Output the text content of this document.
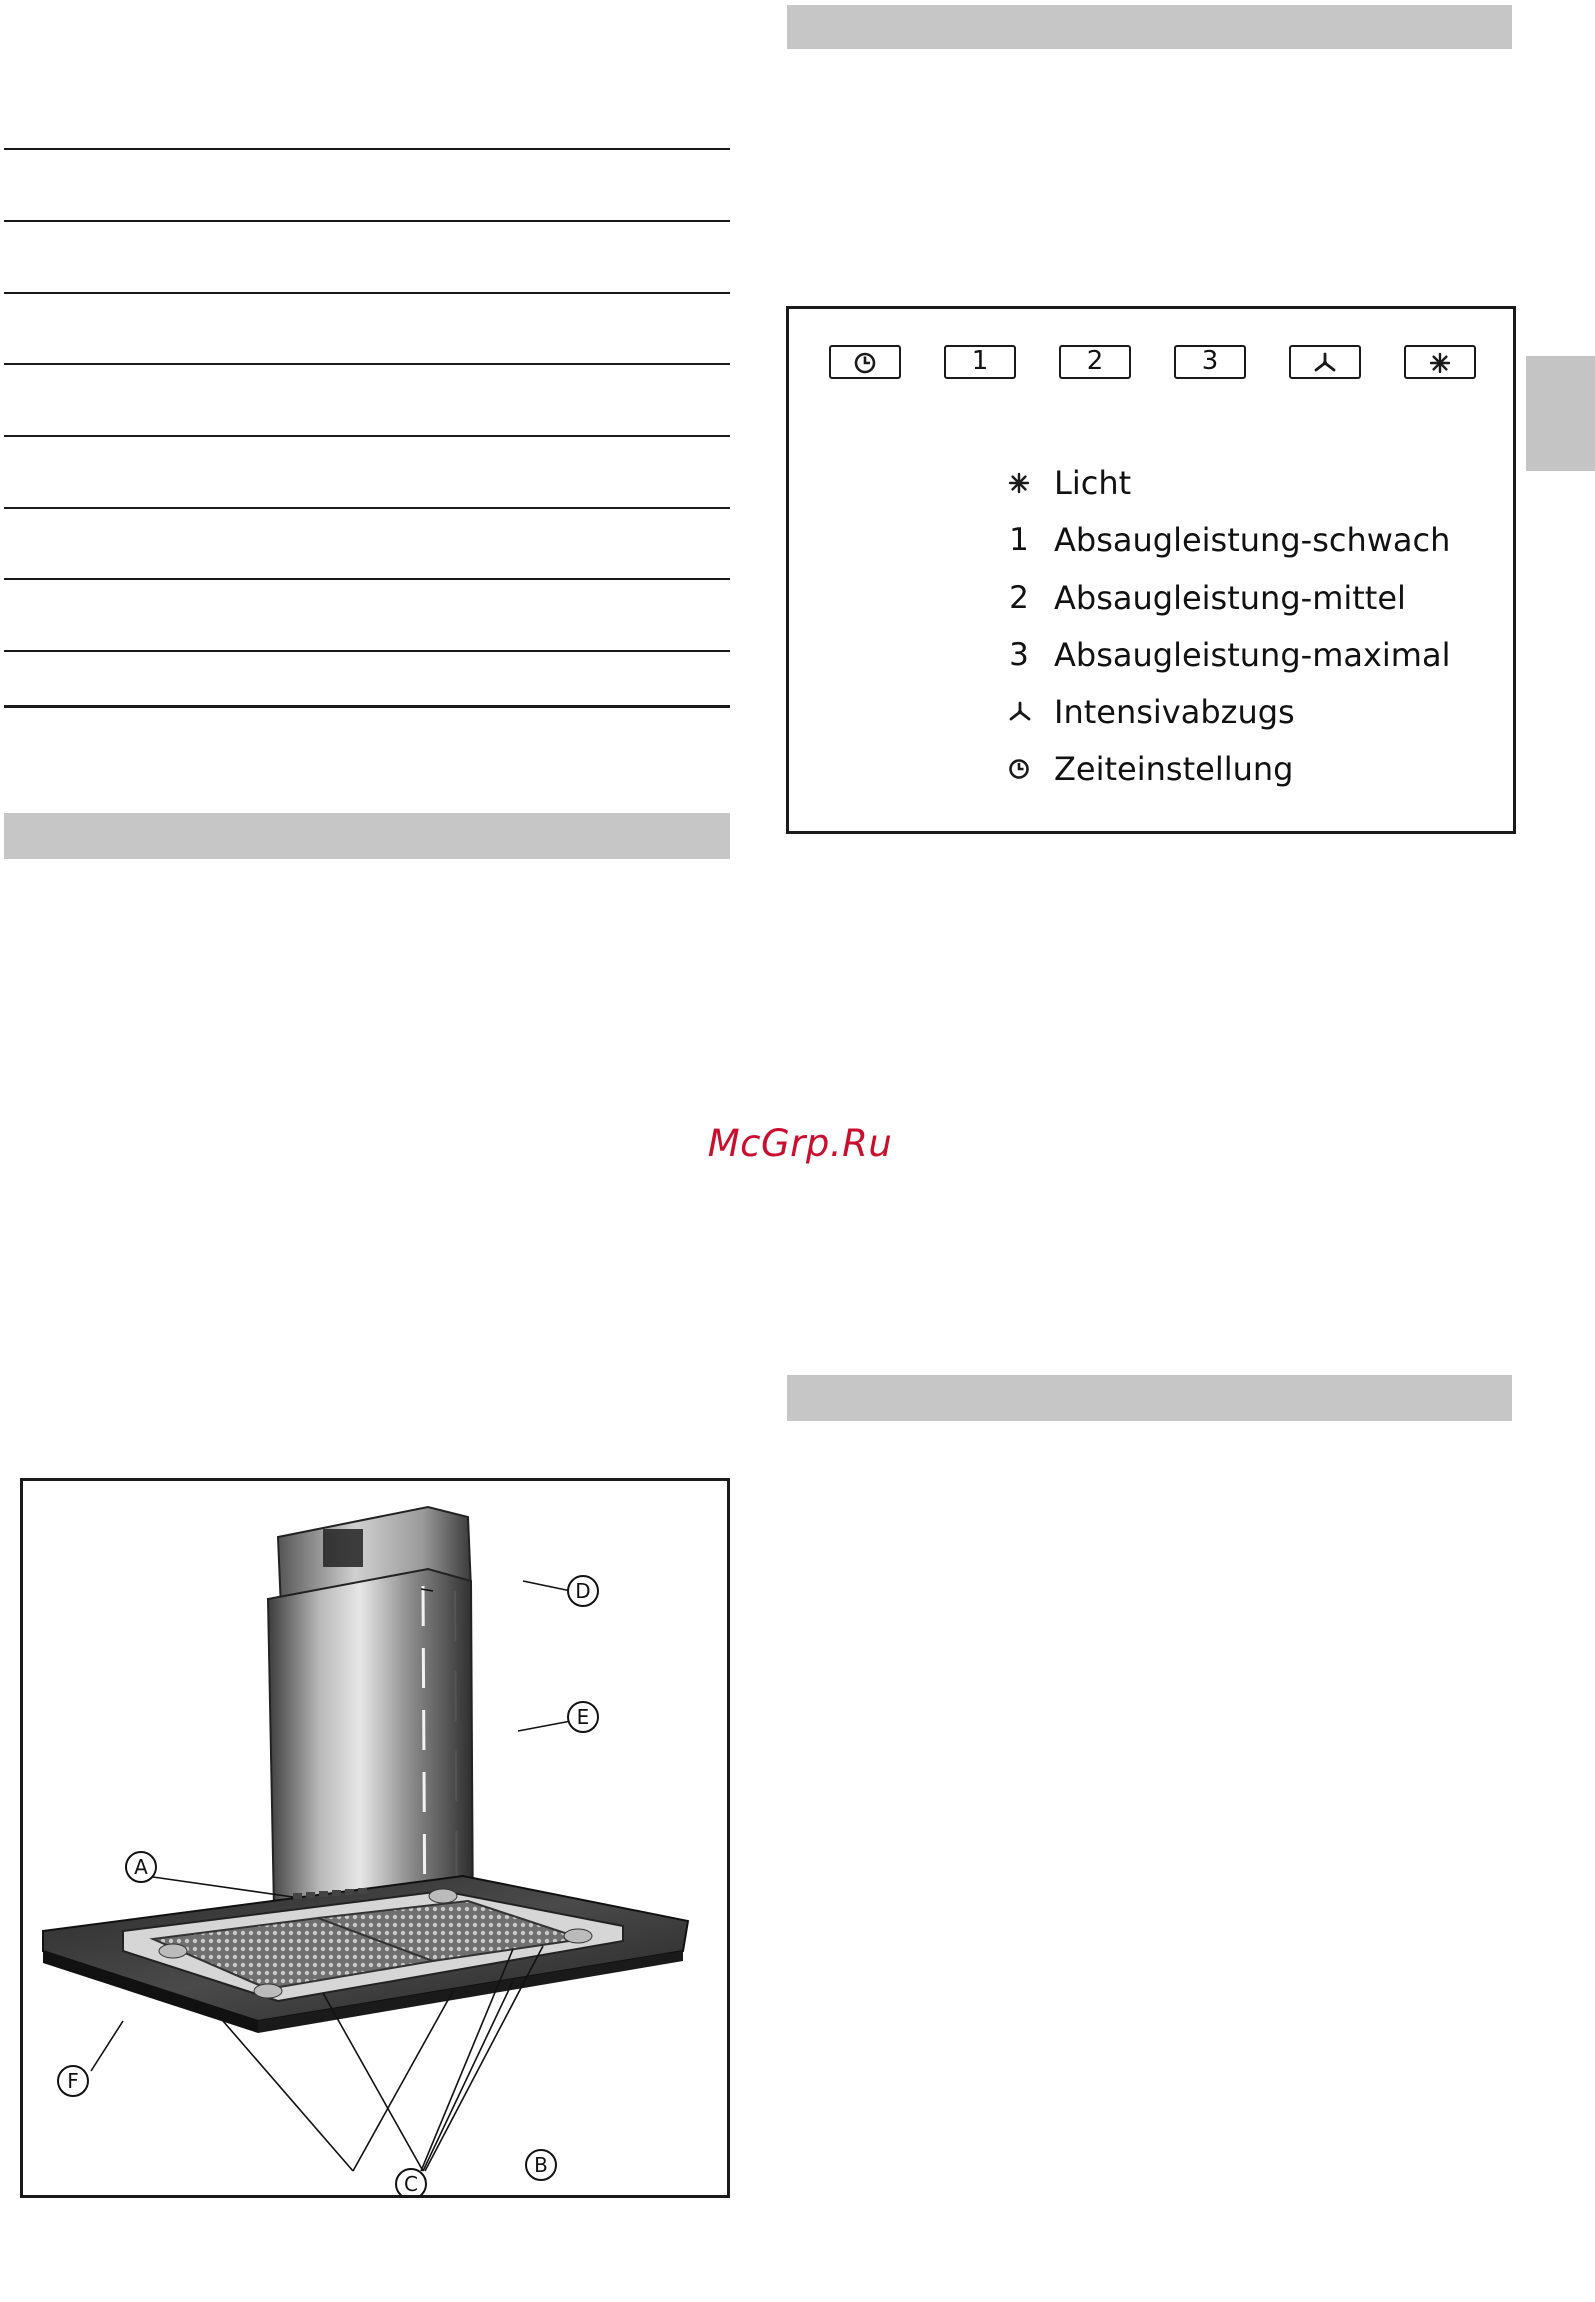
1	2	3
Licht
1 Absaugleistung-schwach
2 Absaugleistung-mittel
3 Absaugleistung-maximal
Intensivabzugs
Zeiteinstellung
McGrp.Ru
A
D
E
F
C
B
